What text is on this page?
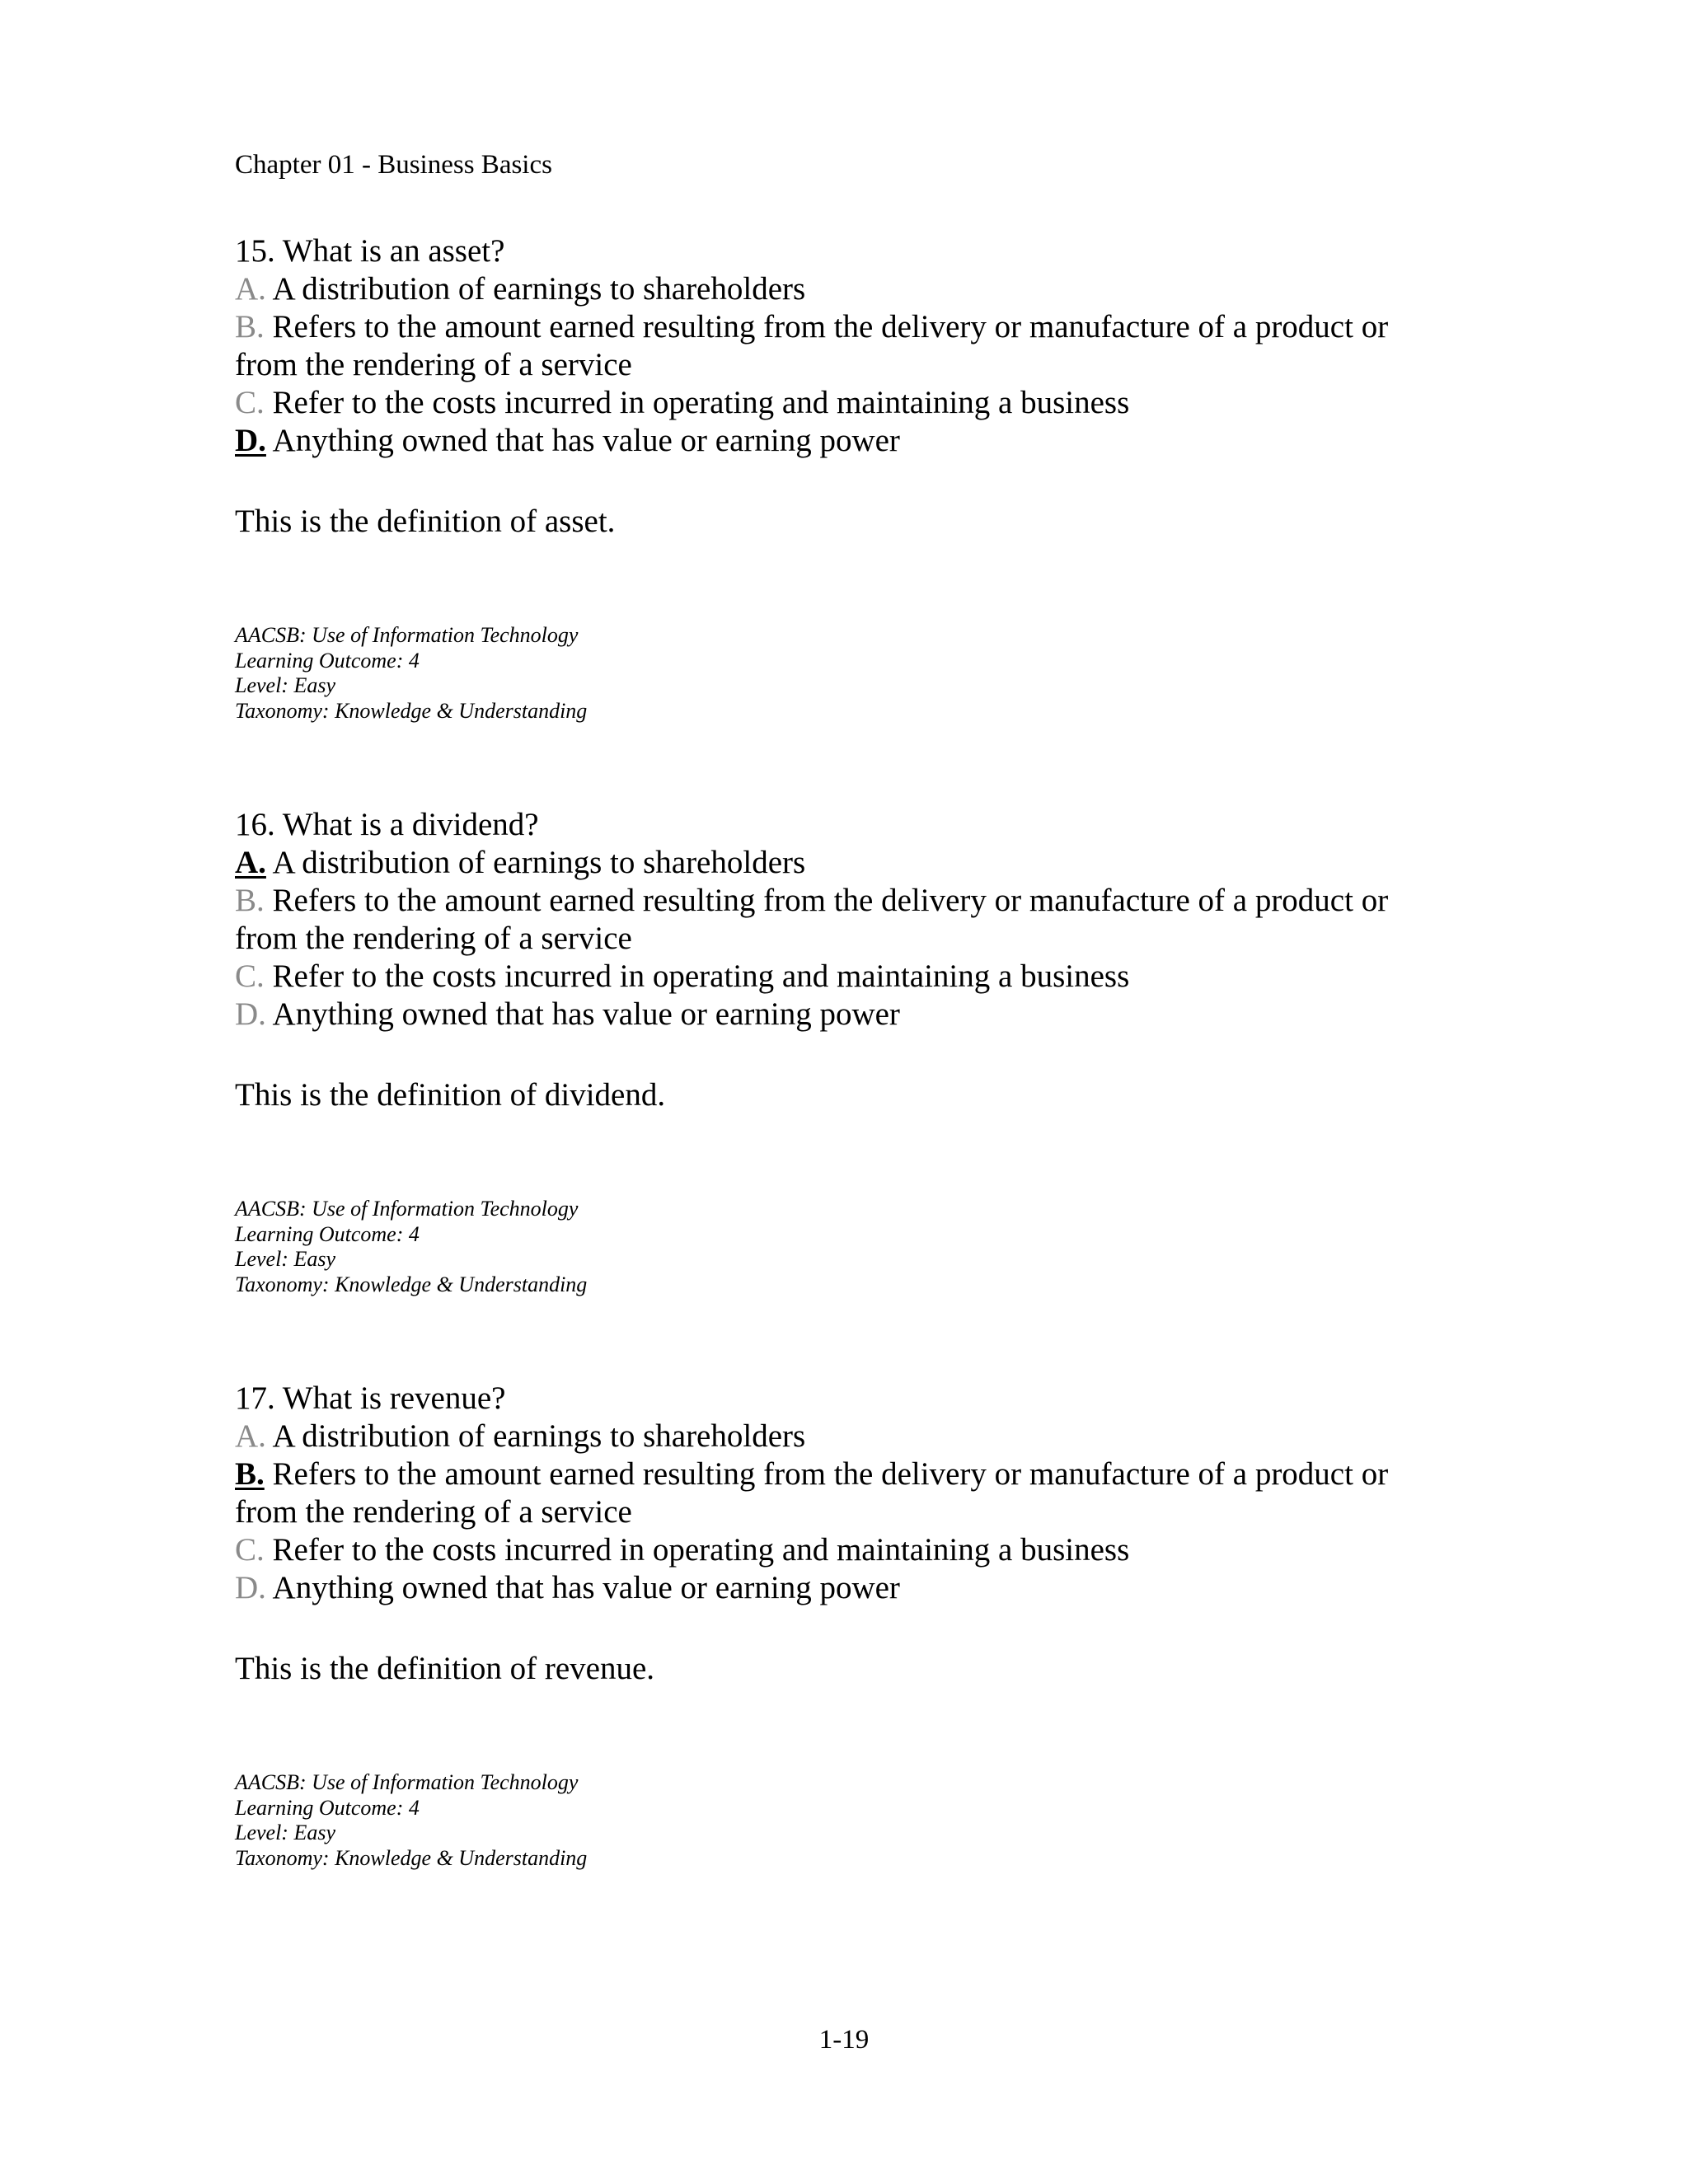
Chapter 01 - Business Basics

15. What is an asset?

A. A distribution of earnings to shareholders

B. Refers to the amount earned resulting from the delivery or manufacture of a product or from the rendering of a service

C. Refer to the costs incurred in operating and maintaining a business

D. Anything owned that has value or earning power

This is the definition of asset.
AACSB: Use of Information Technology
Learning Outcome: 4
Level: Easy
Taxonomy: Knowledge & Understanding

16. What is a dividend?

A. A distribution of earnings to shareholders

B. Refers to the amount earned resulting from the delivery or manufacture of a product or from the rendering of a service

C. Refer to the costs incurred in operating and maintaining a business

D. Anything owned that has value or earning power

This is the definition of dividend.
AACSB: Use of Information Technology
Learning Outcome: 4
Level: Easy
Taxonomy: Knowledge & Understanding

17. What is revenue?

A. A distribution of earnings to shareholders

B. Refers to the amount earned resulting from the delivery or manufacture of a product or from the rendering of a service

C. Refer to the costs incurred in operating and maintaining a business

D. Anything owned that has value or earning power

This is the definition of revenue.
AACSB: Use of Information Technology
Learning Outcome: 4
Level: Easy
Taxonomy: Knowledge & Understanding
1-19
